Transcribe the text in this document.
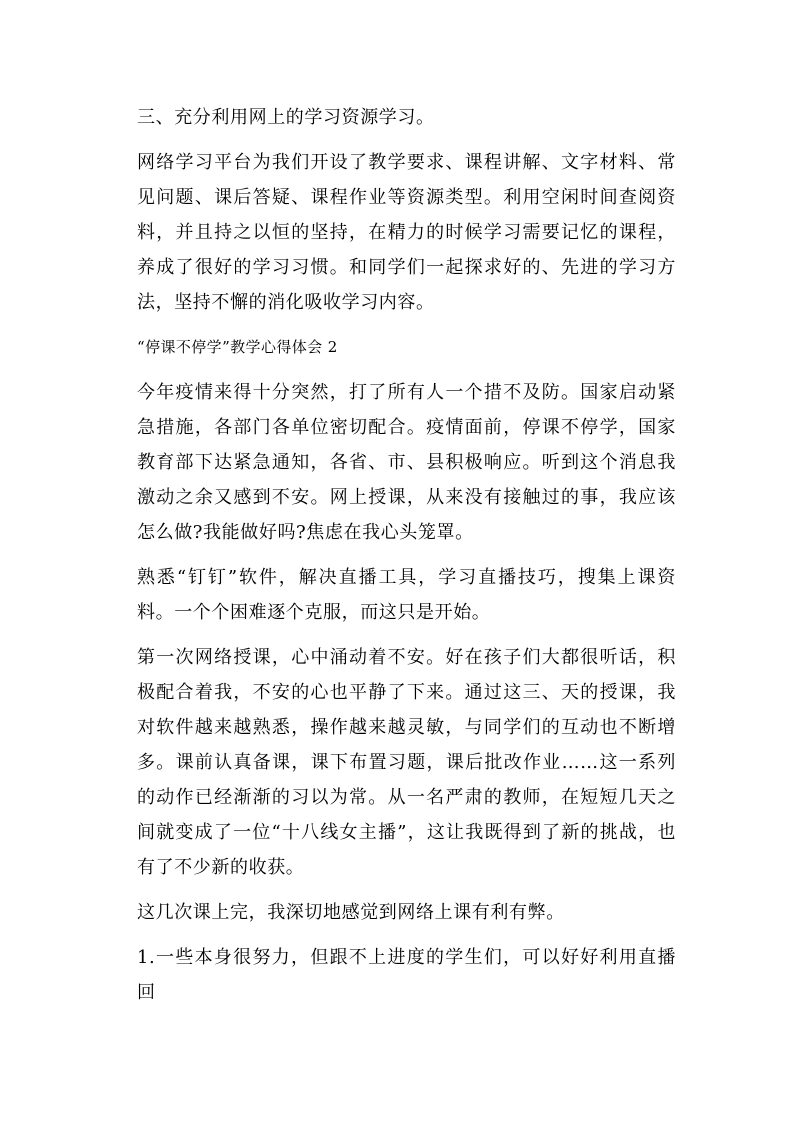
三、充分利用网上的学习资源学习。

网络学习平台为我们开设了教学要求、课程讲解、文字材料、常见问题、课后答疑、课程作业等资源类型。利用空闲时间查阅资料，并且持之以恒的坚持，在精力的时候学习需要记忆的课程，养成了很好的学习习惯。和同学们一起探求好的、先进的学习方法，坚持不懈的消化吸收学习内容。

“停课不停学”教学心得体会 2

今年疫情来得十分突然，打了所有人一个措不及防。国家启动紧急措施，各部门各单位密切配合。疫情面前，停课不停学，国家教育部下达紧急通知，各省、市、县积极响应。听到这个消息我激动之余又感到不安。网上授课，从来没有接触过的事，我应该怎么做?我能做好吗?焦虑在我心头笼罩。

熟悉“钉钉”软件，解决直播工具，学习直播技巧，搜集上课资料。一个个困难逐个克服，而这只是开始。

第一次网络授课，心中涌动着不安。好在孩子们大都很听话，积极配合着我，不安的心也平静了下来。通过这三、天的授课，我对软件越来越熟悉，操作越来越灵敏，与同学们的互动也不断增多。课前认真备课，课下布置习题，课后批改作业……这一系列的动作已经渐渐的习以为常。从一名严肃的教师，在短短几天之间就变成了一位“十八线女主播”，这让我既得到了新的挑战，也有了不少新的收获。

这几次课上完，我深切地感觉到网络上课有利有弊。

1.一些本身很努力，但跟不上进度的学生们，可以好好利用直播回
